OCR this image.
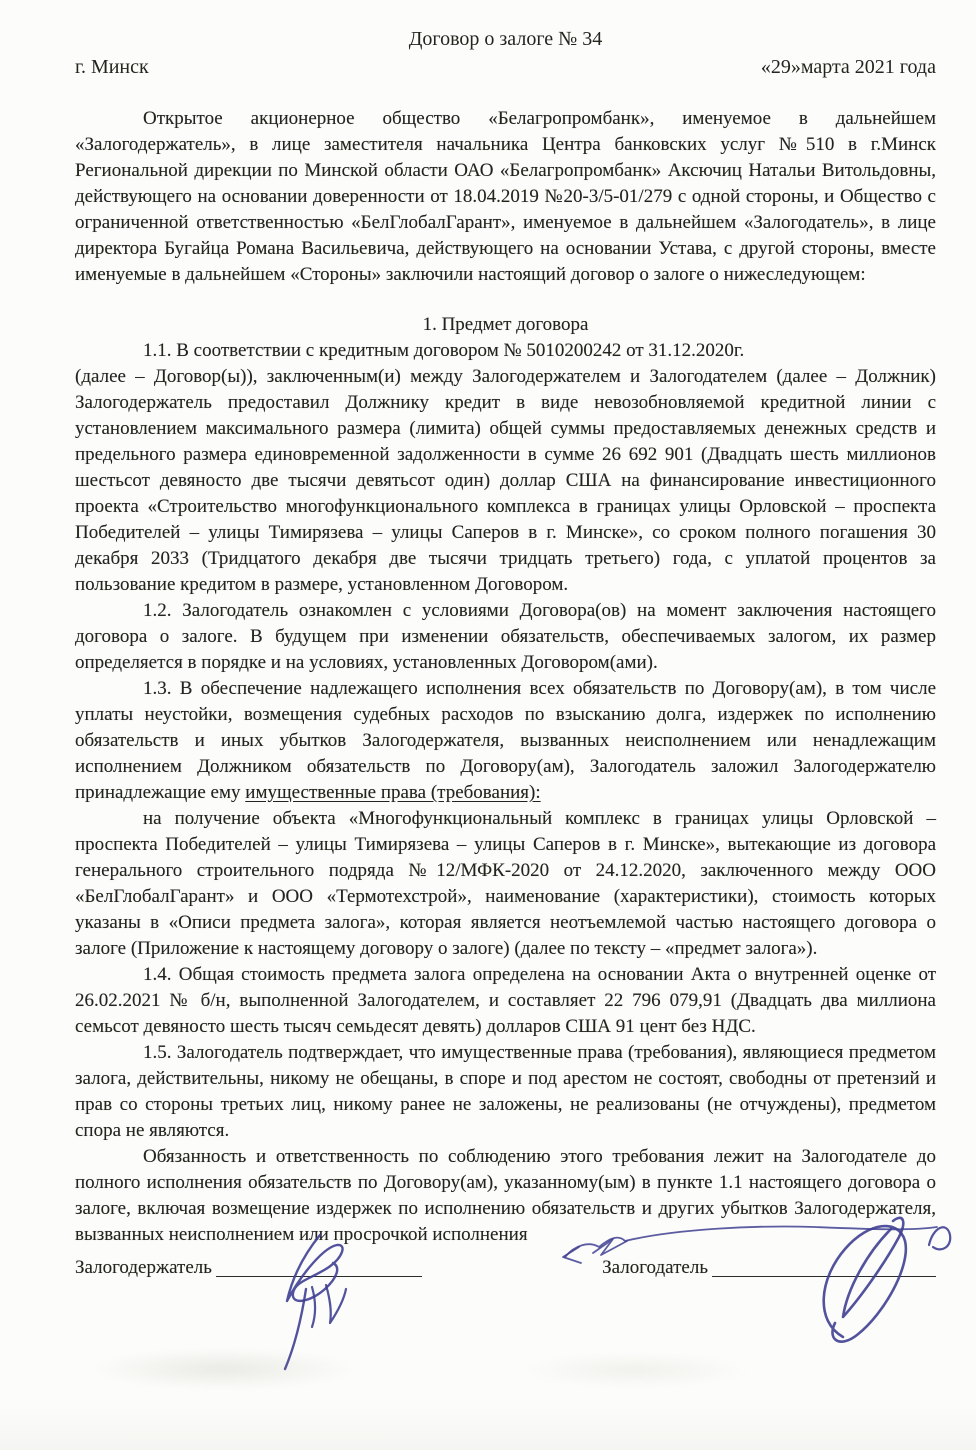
Договор о залоге № 34
г. Минск	«29»марта 2021 года

Открытое акционерное общество «Белагропромбанк», именуемое в дальнейшем «Залогодержатель», в лице заместителя начальника Центра банковских услуг №510 в г.Минск Региональной дирекции по Минской области ОАО «Белагропромбанк» Аксючиц Натальи Витольдовны, действующего на основании доверенности от 18.04.2019 №20-3/5-01/279 с одной стороны, и Общество с ограниченной ответственностью «БелГлобалГарант», именуемое в дальнейшем «Залогодатель», в лице директора Бугайца Романа Васильевича, действующего на основании Устава, с другой стороны, вместе именуемые в дальнейшем «Стороны» заключили настоящий договор о залоге о нижеследующем:

1. Предмет договора

1.1. В соответствии с кредитным договором № 5010200242 от 31.12.2020г.

(далее – Договор(ы)), заключенным(и) между Залогодержателем и Залогодателем (далее – Должник) Залогодержатель предоставил Должнику кредит в виде невозобновляемой кредитной линии с установлением максимального размера (лимита) общей суммы предоставляемых денежных средств и предельного размера единовременной задолженности в сумме 26 692 901 (Двадцать шесть миллионов шестьсот девяносто две тысячи девятьсот один) доллар США на финансирование инвестиционного проекта «Строительство многофункционального комплекса в границах улицы Орловской – проспекта Победителей – улицы Тимирязева – улицы Саперов в г. Минске», со сроком полного погашения 30 декабря 2033 (Тридцатого декабря две тысячи тридцать третьего) года, с уплатой процентов за пользование кредитом в размере, установленном Договором.

1.2. Залогодатель ознакомлен с условиями Договора(ов) на момент заключения настоящего договора о залоге. В будущем при изменении обязательств, обеспечиваемых залогом, их размер определяется в порядке и на условиях, установленных Договором(ами).

1.3. В обеспечение надлежащего исполнения всех обязательств по Договору(ам), в том числе уплаты неустойки, возмещения судебных расходов по взысканию долга, издержек по исполнению обязательств и иных убытков Залогодержателя, вызванных неисполнением или ненадлежащим исполнением Должником обязательств по Договору(ам), Залогодатель заложил Залогодержателю принадлежащие ему имущественные права (требования):

на получение объекта «Многофункциональный комплекс в границах улицы Орловской – проспекта Победителей – улицы Тимирязева – улицы Саперов в г. Минске», вытекающие из договора генерального строительного подряда №12/МФК-2020 от 24.12.2020, заключенного между ООО «БелГлобалГарант» и ООО «Термотехстрой», наименование (характеристики), стоимость которых указаны в «Описи предмета залога», которая является неотъемлемой частью настоящего договора о залоге (Приложение к настоящему договору о залоге) (далее по тексту – «предмет залога»).

1.4. Общая стоимость предмета залога определена на основании Акта о внутренней оценке от 26.02.2021 № б/н, выполненной Залогодателем, и составляет 22 796 079,91 (Двадцать два миллиона семьсот девяносто шесть тысяч семьдесят девять) долларов США 91 цент без НДС.

1.5. Залогодатель подтверждает, что имущественные права (требования), являющиеся предметом залога, действительны, никому не обещаны, в споре и под арестом не состоят, свободны от претензий и прав со стороны третьих лиц, никому ранее не заложены, не реализованы (не отчуждены), предметом спора не являются.

Обязанность и ответственность по соблюдению этого требования лежит на Залогодателе до полного исполнения обязательств по Договору(ам), указанному(ым) в пункте 1.1 настоящего договора о залоге, включая возмещение издержек по исполнению обязательств и других убытков Залогодержателя, вызванных неисполнением или просрочкой исполнения

Залогодержатель	Залогодатель
